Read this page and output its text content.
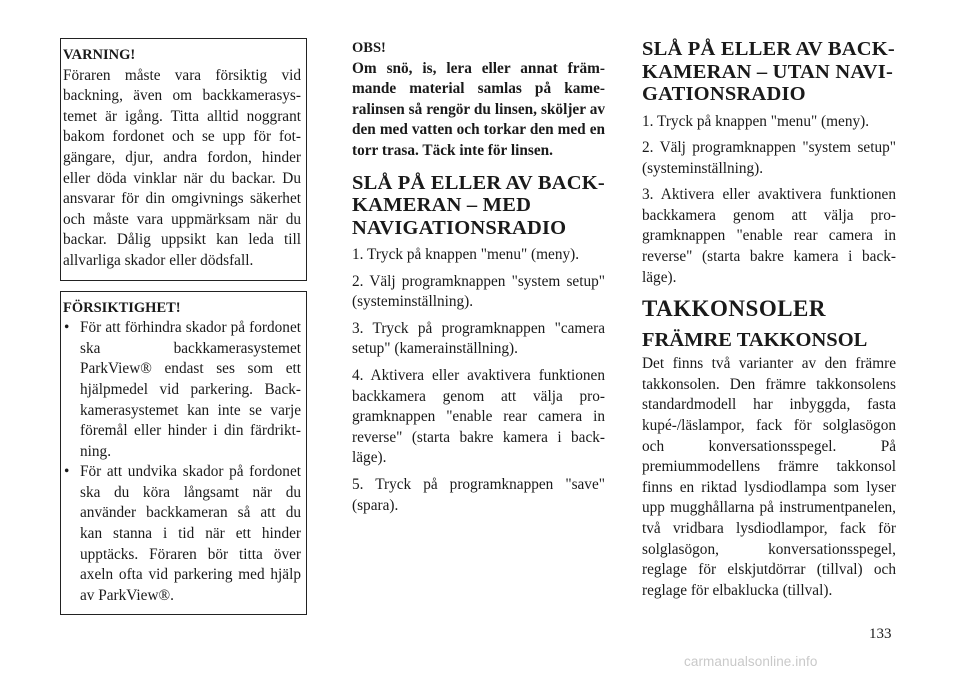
VARNING!

Föraren måste vara försiktig vid backning, även om backkamerasystemet är igång. Titta alltid noggrant bakom fordonet och se upp för fotgängare, djur, andra fordon, hinder eller döda vinklar när du backar. Du ansvarar för din omgivnings säkerhet och måste vara uppmärksam när du backar. Dålig uppsikt kan leda till allvarliga skador eller dödsfall.

FÖRSIKTIGHET!
• För att förhindra skador på fordonet ska backkamerasystemet ParkView® endast ses som ett hjälpmedel vid parkering. Backkamerasystemet kan inte se varje föremål eller hinder i din färdriktning.
• För att undvika skador på fordonet ska du köra långsamt när du använder backkameran så att du kan stanna i tid när ett hinder upptäcks. Föraren bör titta över axeln ofta vid parkering med hjälp av ParkView®.
OBS!
Om snö, is, lera eller annat främmande material samlas på kameralinsen så rengör du linsen, sköljer av den med vatten och torkar den med en torr trasa. Täck inte för linsen.
SLÅ PÅ ELLER AV BACKKAMERAN – MED NAVIGATIONSRADIO
1. Tryck på knappen "menu" (meny).
2. Välj programknappen "system setup" (systeminställning).
3. Tryck på programknappen "camera setup" (kamerainställning).
4. Aktivera eller avaktivera funktionen backkamera genom att välja programknappen "enable rear camera in reverse" (starta bakre kamera i backläge).
5. Tryck på programknappen "save" (spara).
SLÅ PÅ ELLER AV BACKKAMERAN – UTAN NAVIGATIONSRADIO
1. Tryck på knappen "menu" (meny).
2. Välj programknappen "system setup" (systeminställning).
3. Aktivera eller avaktivera funktionen backkamera genom att välja programknappen "enable rear camera in reverse" (starta bakre kamera i backläge).
TAKKONSOLER
FRÄMRE TAKKONSOL

Det finns två varianter av den främre takkonsolen. Den främre takkonsolens standardmodell har inbyggda, fasta kupé-/läslampor, fack för solglasögon och konversationsspegel. På premiummodellens främre takkonsol finns en riktad lysdiodlampa som lyser upp mugghållarna på instrumentpanelen, två vridbara lysdiodlampor, fack för solglasögon, konversationsspegel, reglage för elskjutdörrar (tillval) och reglage för elbaklucka (tillval).

133
carmanualsonline.info
